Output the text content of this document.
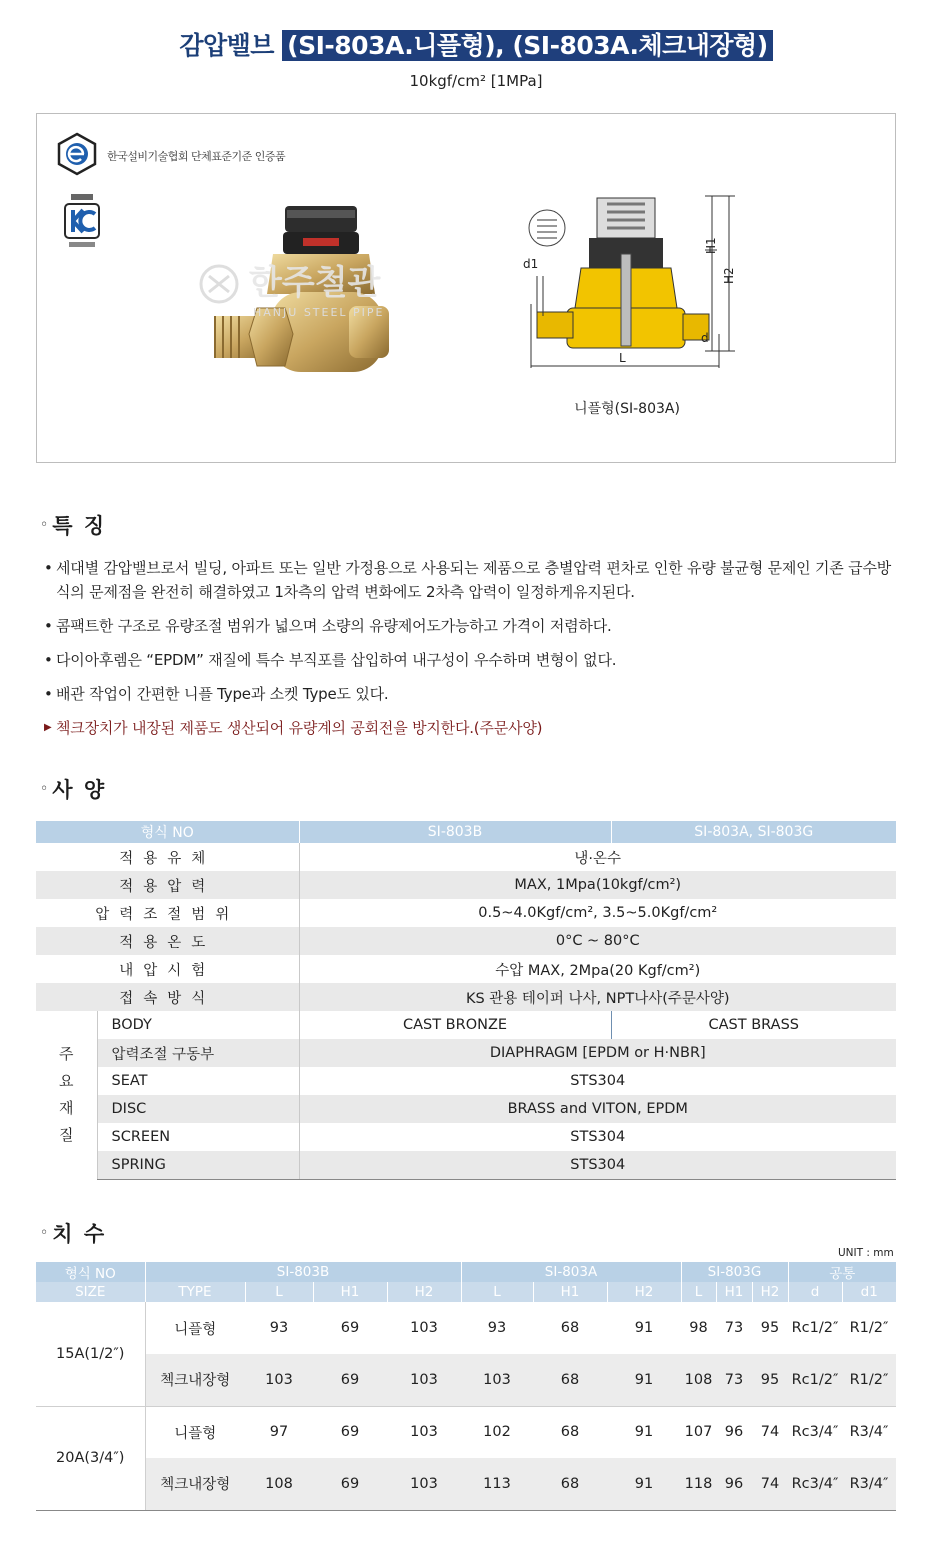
감압밸브 (SI-803A.니플형), (SI-803A.체크내장형)
10kgf/cm² [1MPa]
한국설비기술협회 단체표준기준 인증품
한주철관
HANJU STEEL PIPE
H1
H2
L
d1
d
니플형(SI-803A)
◦특 징
• 세대별 감압밸브로서 빌딩, 아파트 또는 일반 가정용으로 사용되는 제품으로 층별압력 편차로 인한 유량 불균형 문제인 기존 급수방식의 문제점을 완전히 해결하였고 1차측의 압력 변화에도 2차측 압력이 일정하게유지된다.
• 콤팩트한 구조로 유량조절 범위가 넓으며 소량의 유량제어도가능하고 가격이 저렴하다.
• 다이아후렘은 “EPDM” 재질에 특수 부직포를 삽입하여 내구성이 우수하며 변형이 없다.
• 배관 작업이 간편한 니플 Type과 소켓 Type도 있다.
▶ 첵크장치가 내장된 제품도 생산되어 유량계의 공회전을 방지한다.(주문사양)
◦사 양
형식 NO		SI-803B	SI-803A, SI-803G
적용유체		냉·온수	
적용압력		MAX, 1Mpa(10kgf/cm²)	
압력조절범위		0.5~4.0Kgf/cm², 3.5~5.0Kgf/cm²	
적용온도		0°C ~ 80°C	
내압시험		수압 MAX, 2Mpa(20 Kgf/cm²)	
접속방식		KS 관용 테이퍼 나사, NPT나사(주문사양)	
주요재질	BODY	CAST BRONZE	CAST BRASS
	압력조절 구동부	DIAPHRAGM [EPDM or H·NBR]	
	SEAT	STS304	
	DISC	BRASS and VITON, EPDM	
	SCREEN	STS304	
	SPRING	STS304	
◦치 수
UNIT : mm
형식 NO	SI-803B				SI-803A			SI-803G			공통	
SIZE	TYPE	L	H1	H2	L	H1	H2	L	H1	H2	d	d1
15A(1/2″)	니플형	93	69	103	93	68	91	98	73	95	Rc1/2″	R1/2″
	첵크내장형	103	69	103	103	68	91	108	73	95	Rc1/2″	R1/2″
20A(3/4″)	니플형	97	69	103	102	68	91	107	96	74	Rc3/4″	R3/4″
	첵크내장형	108	69	103	113	68	91	118	96	74	Rc3/4″	R3/4″
